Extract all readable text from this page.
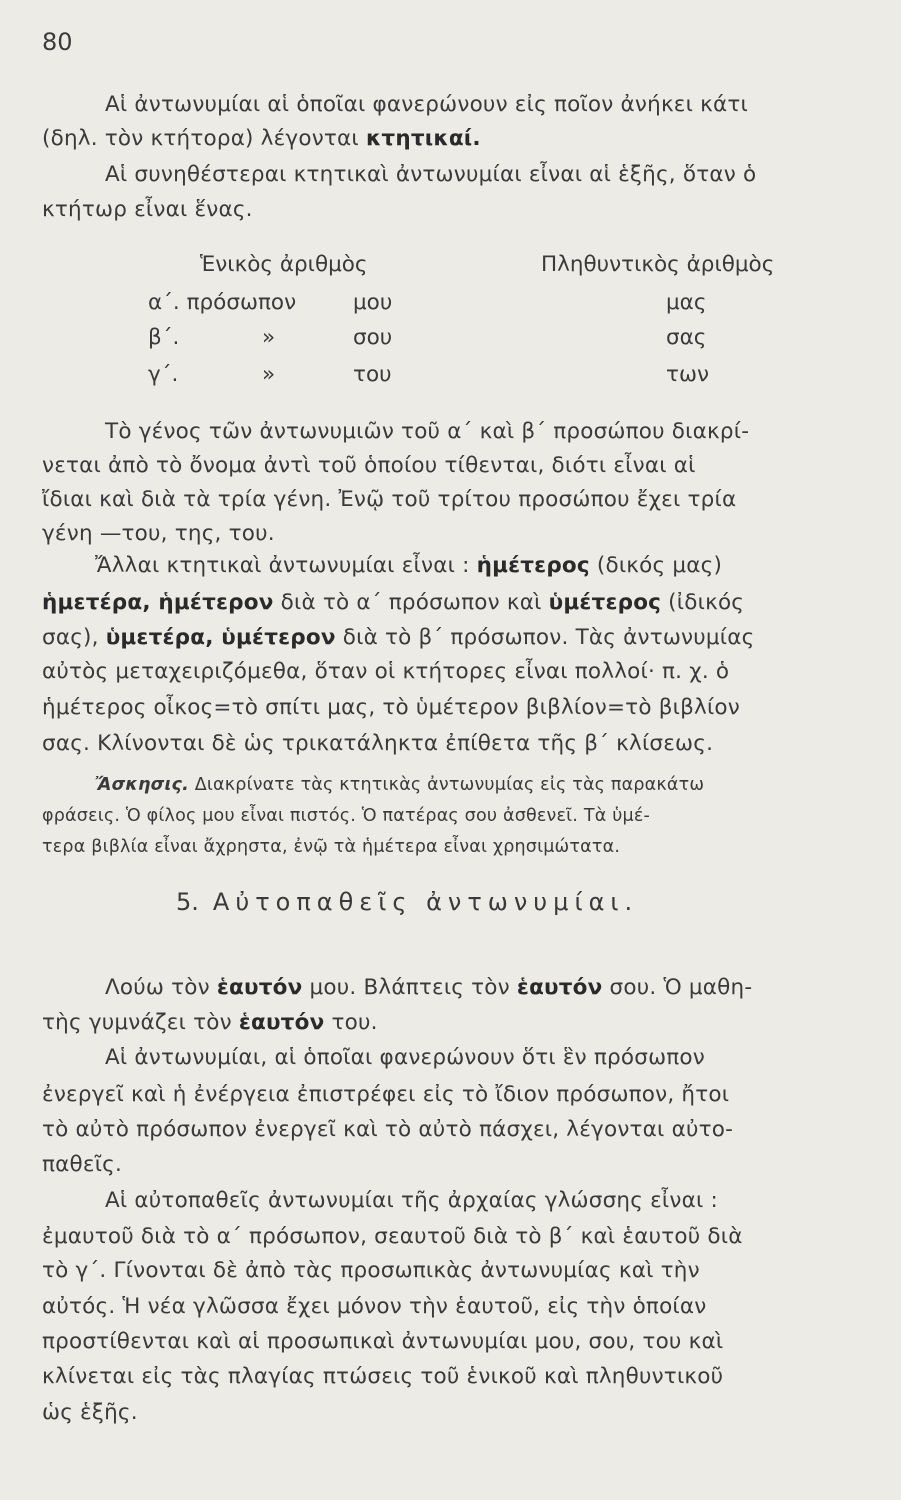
80
Αἱ ἀντωνυμίαι αἱ ὁποῖαι φανερώνουν εἰς ποῖον ἀνήκει κάτι
(δηλ. τὸν κτήτορα) λέγονται κτητικαί.
Αἱ συνηθέστεραι κτητικαὶ ἀντωνυμίαι εἶναι αἱ ἑξῆς, ὅταν ὁ
κτήτωρ εἶναι ἕνας.
Ἑνικὸς ἀριθμὸς	Πληθυντικὸς ἀριθμὸς
α΄. πρόσωπον	μου	μας
β΄.	»	σου	σας
γ΄.	»	του	των
Τὸ γένος τῶν ἀντωνυμιῶν τοῦ α΄ καὶ β΄ προσώπου διακρί-
νεται ἀπὸ τὸ ὄνομα ἀντὶ τοῦ ὁποίου τίθενται, διότι εἶναι αἱ
ἴδιαι καὶ διὰ τὰ τρία γένη. Ἐνῷ τοῦ τρίτου προσώπου ἔχει τρία
γένη —του, της, του.
Ἄλλαι κτητικαὶ ἀντωνυμίαι εἶναι : ἡμέτερος (δικός μας)
ἡμετέρα, ἡμέτερον διὰ τὸ α΄ πρόσωπον καὶ ὑμέτερος (ἰδικός
σας), ὑμετέρα, ὑμέτερον διὰ τὸ β΄ πρόσωπον. Τὰς ἀντωνυμίας
αὐτὸς μεταχειριζόμεθα, ὅταν οἱ κτήτορες εἶναι πολλοί· π. χ. ὁ
ἡμέτερος οἶκος=τὸ σπίτι μας, τὸ ὑμέτερον βιβλίον=τὸ βιβλίον
σας. Κλίνονται δὲ ὡς τρικατάληκτα ἐπίθετα τῆς β΄ κλίσεως.
Ἄσκησις. Διακρίνατε τὰς κτητικὰς ἀντωνυμίας εἰς τὰς παρακάτω
φράσεις. Ὁ φίλος μου εἶναι πιστός. Ὁ πατέρας σου ἀσθενεῖ. Τὰ ὑμέ-
τερα βιβλία εἶναι ἄχρηστα, ἐνῷ τὰ ἡμέτερα εἶναι χρησιμώτατα.
5. Αὐτοπαθεῖς ἀντωνυμίαι.
Λούω τὸν ἑαυτόν μου. Βλάπτεις τὸν ἑαυτόν σου. Ὁ μαθη-
τὴς γυμνάζει τὸν ἑαυτόν του.
Αἱ ἀντωνυμίαι, αἱ ὁποῖαι φανερώνουν ὅτι ἓν πρόσωπον
ἐνεργεῖ καὶ ἡ ἐνέργεια ἐπιστρέφει εἰς τὸ ἴδιον πρόσωπον, ἤτοι
τὸ αὐτὸ πρόσωπον ἐνεργεῖ καὶ τὸ αὐτὸ πάσχει, λέγονται αὐτο-
παθεῖς.
Αἱ αὐτοπαθεῖς ἀντωνυμίαι τῆς ἀρχαίας γλώσσης εἶναι :
ἐμαυτοῦ διὰ τὸ α΄ πρόσωπον, σεαυτοῦ διὰ τὸ β΄ καὶ ἑαυτοῦ διὰ
τὸ γ΄. Γίνονται δὲ ἀπὸ τὰς προσωπικὰς ἀντωνυμίας καὶ τὴν
αὐτός. Ἡ νέα γλῶσσα ἔχει μόνον τὴν ἑαυτοῦ, εἰς τὴν ὁποίαν
προστίθενται καὶ αἱ προσωπικαὶ ἀντωνυμίαι μου, σου, του καὶ
κλίνεται εἰς τὰς πλαγίας πτώσεις τοῦ ἑνικοῦ καὶ πληθυντικοῦ
ὡς ἑξῆς.
